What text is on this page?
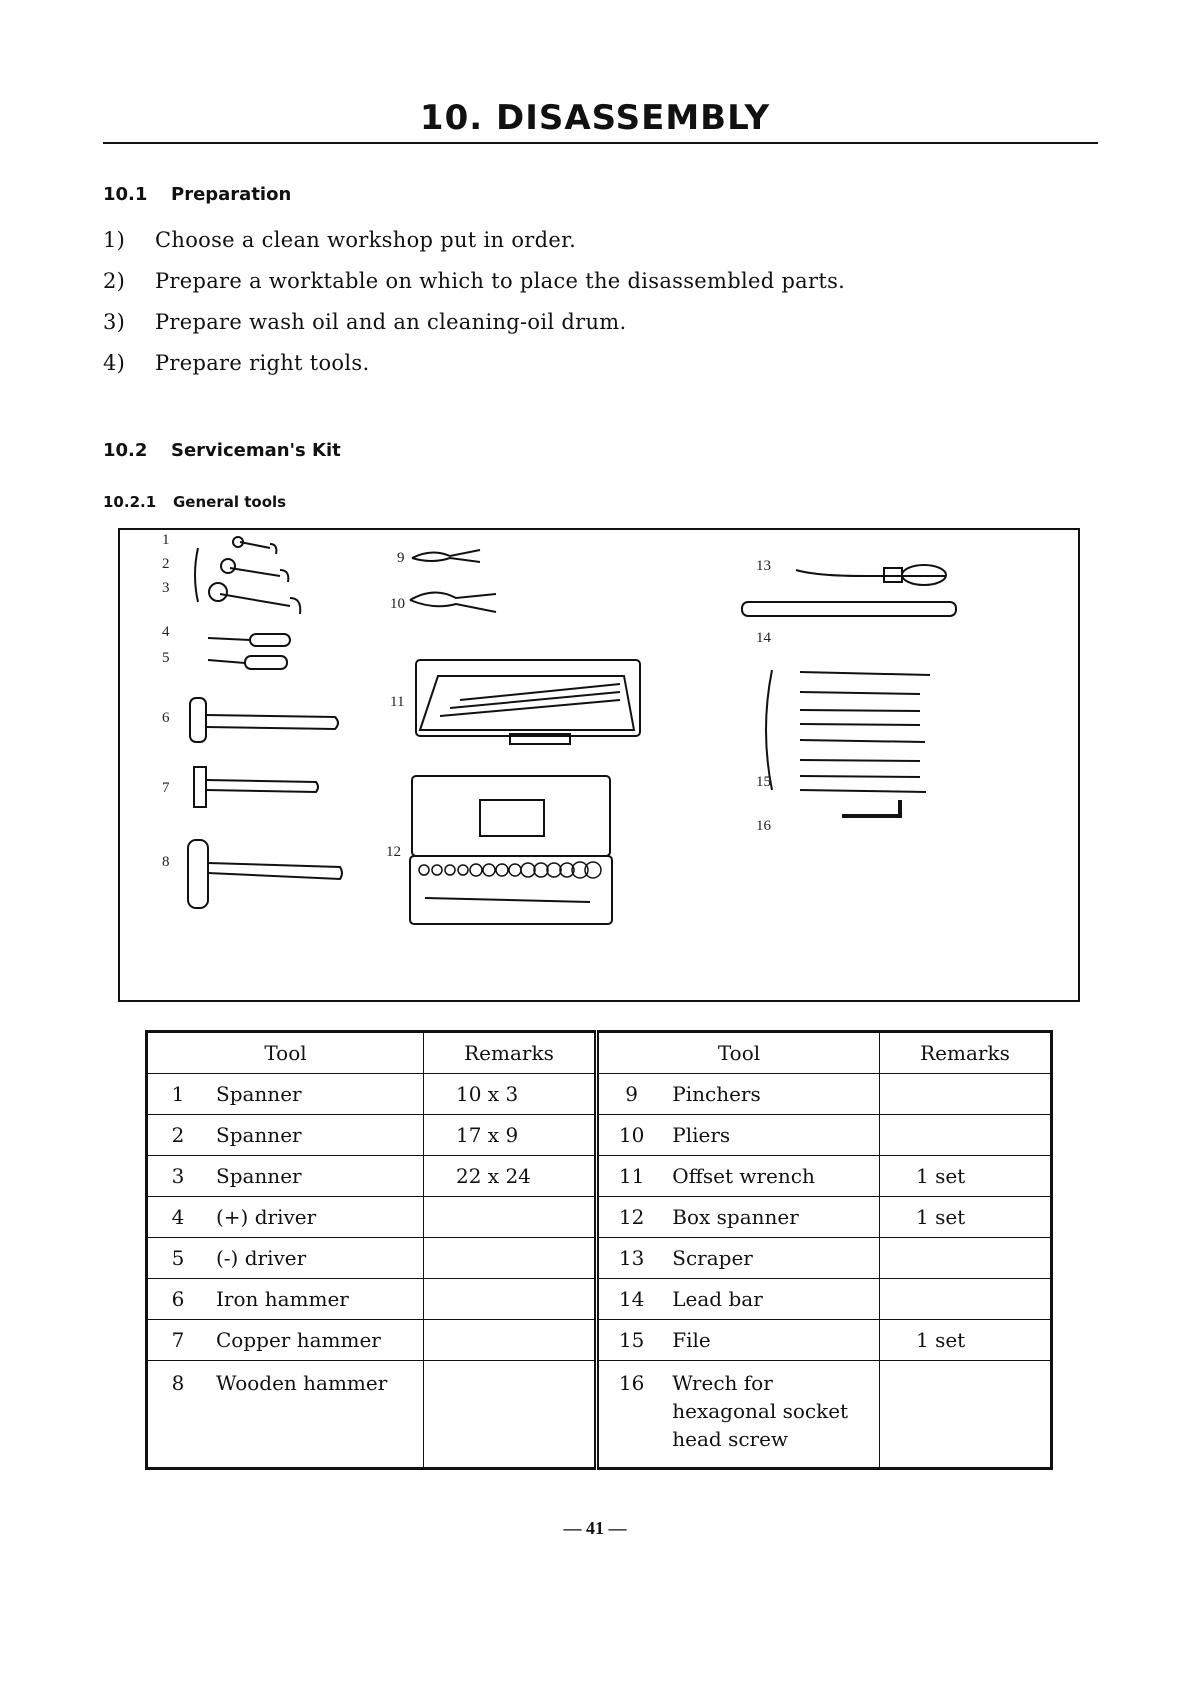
10. DISASSEMBLY
10.1 Preparation
1) Choose a clean workshop put in order.
2) Prepare a worktable on which to place the disassembled parts.
3) Prepare wash oil and an cleaning-oil drum.
4) Prepare right tools.
10.2 Serviceman's Kit
10.2.1 General tools
1
2
3
4
5
6
7
8
9
10
11
12
13
14
15
16
Tool		Remarks	Tool		Remarks
1	Spanner	10 x 3	9	Pinchers	
2	Spanner	17 x 9	10	Pliers	
3	Spanner	22 x 24	11	Offset wrench	1 set
4	(+) driver		12	Box spanner	1 set
5	(-) driver		13	Scraper	
6	Iron hammer		14	Lead bar	
7	Copper hammer		15	File	1 set
8	Wooden hammer		16	Wrech for hexagonal socket head screw	
— 41 —
